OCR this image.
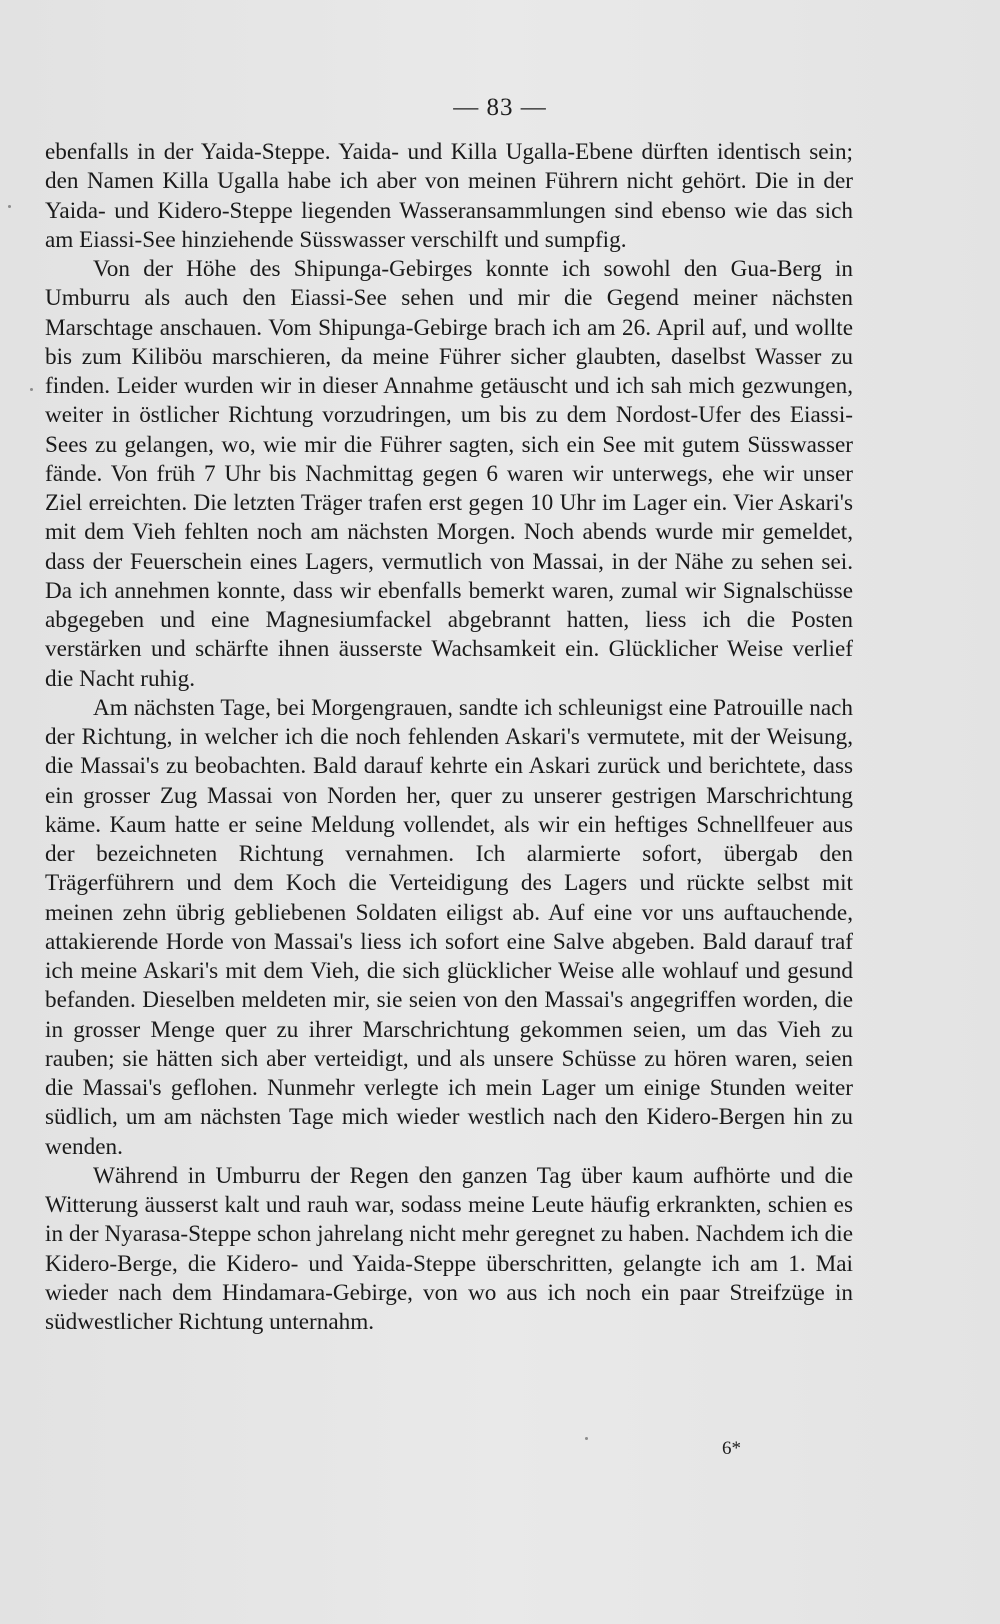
— 83 —

ebenfalls in der Yaida-Steppe. Yaida- und Killa Ugalla-Ebene dürften identisch sein; den Namen Killa Ugalla habe ich aber von meinen Führern nicht gehört. Die in der Yaida- und Kidero-Steppe liegenden Wasseransammlungen sind ebenso wie das sich am Eiassi-See hinziehende Süsswasser verschilft und sumpfig.

Von der Höhe des Shipunga-Gebirges konnte ich sowohl den Gua-Berg in Umburru als auch den Eiassi-See sehen und mir die Gegend meiner nächsten Marschtage anschauen. Vom Shipunga-Gebirge brach ich am 26. April auf, und wollte bis zum Kiliböu marschieren, da meine Führer sicher glaubten, daselbst Wasser zu finden. Leider wurden wir in dieser Annahme getäuscht und ich sah mich gezwungen, weiter in östlicher Richtung vorzudringen, um bis zu dem Nordost-Ufer des Eiassi-Sees zu gelangen, wo, wie mir die Führer sagten, sich ein See mit gutem Süsswasser fände. Von früh 7 Uhr bis Nachmittag gegen 6 waren wir unterwegs, ehe wir unser Ziel erreichten. Die letzten Träger trafen erst gegen 10 Uhr im Lager ein. Vier Askari's mit dem Vieh fehlten noch am nächsten Morgen. Noch abends wurde mir gemeldet, dass der Feuerschein eines Lagers, vermutlich von Massai, in der Nähe zu sehen sei. Da ich annehmen konnte, dass wir ebenfalls bemerkt waren, zumal wir Signalschüsse abgegeben und eine Magnesiumfackel abgebrannt hatten, liess ich die Posten verstärken und schärfte ihnen äusserste Wachsamkeit ein. Glücklicher Weise verlief die Nacht ruhig.

Am nächsten Tage, bei Morgengrauen, sandte ich schleunigst eine Patrouille nach der Richtung, in welcher ich die noch fehlenden Askari's vermutete, mit der Weisung, die Massai's zu beobachten. Bald darauf kehrte ein Askari zurück und berichtete, dass ein grosser Zug Massai von Norden her, quer zu unserer gestrigen Marschrichtung käme. Kaum hatte er seine Meldung vollendet, als wir ein heftiges Schnellfeuer aus der bezeichneten Richtung vernahmen. Ich alarmierte sofort, übergab den Trägerführern und dem Koch die Verteidigung des Lagers und rückte selbst mit meinen zehn übrig gebliebenen Soldaten eiligst ab. Auf eine vor uns auftauchende, attakierende Horde von Massai's liess ich sofort eine Salve abgeben. Bald darauf traf ich meine Askari's mit dem Vieh, die sich glücklicher Weise alle wohlauf und gesund befanden. Dieselben meldeten mir, sie seien von den Massai's angegriffen worden, die in grosser Menge quer zu ihrer Marschrichtung gekommen seien, um das Vieh zu rauben; sie hätten sich aber verteidigt, und als unsere Schüsse zu hören waren, seien die Massai's geflohen. Nunmehr verlegte ich mein Lager um einige Stunden weiter südlich, um am nächsten Tage mich wieder westlich nach den Kidero-Bergen hin zu wenden.

Während in Umburru der Regen den ganzen Tag über kaum aufhörte und die Witterung äusserst kalt und rauh war, sodass meine Leute häufig erkrankten, schien es in der Nyarasa-Steppe schon jahrelang nicht mehr geregnet zu haben. Nachdem ich die Kidero-Berge, die Kidero- und Yaida-Steppe überschritten, gelangte ich am 1. Mai wieder nach dem Hindamara-Gebirge, von wo aus ich noch ein paar Streifzüge in südwestlicher Richtung unternahm.

6*
